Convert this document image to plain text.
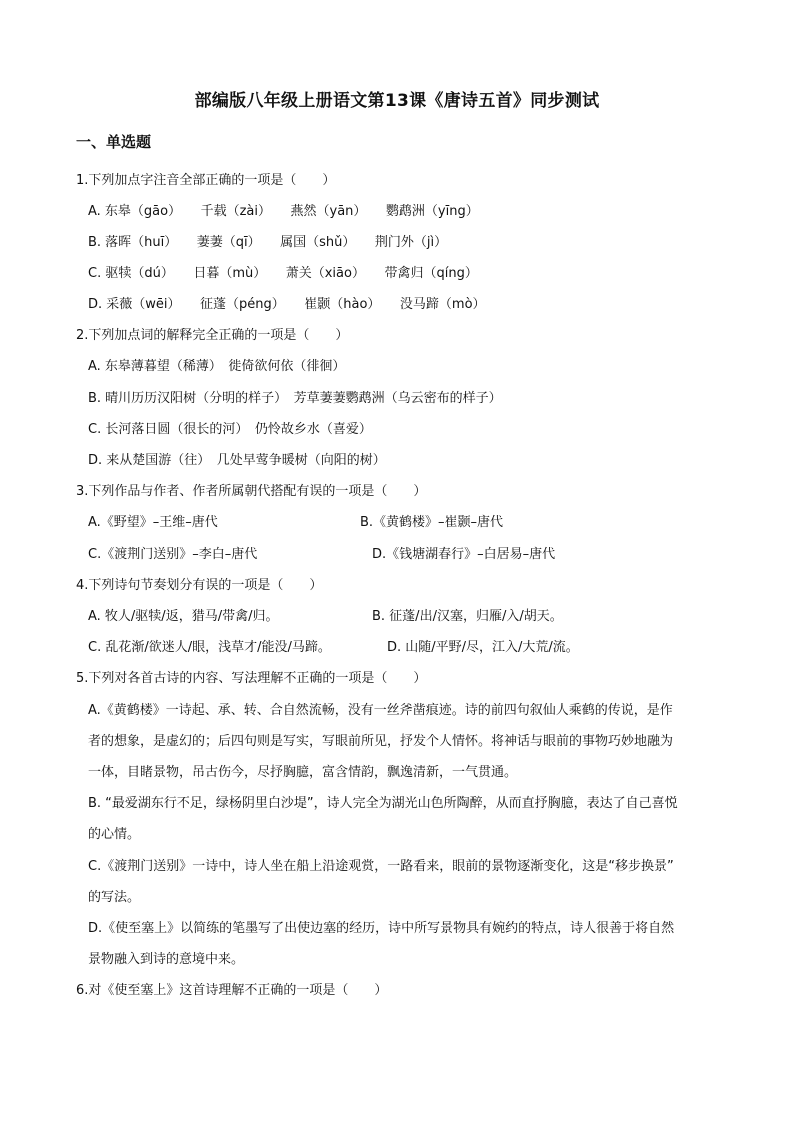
部编版八年级上册语文第13课《唐诗五首》同步测试
一、单选题
1.下列加点字注音全部正确的一项是（　　）
A. 东皋（gāo）　　千载（zài）　　燕然（yān）　　鹦鹉洲（yīng）
B. 落晖（huī）　　萋萋（qī）　　属国（shǔ）　　荆门外（jì）
C. 驱犊（dú）　　日暮（mù）　　萧关（xiāo）　　带禽归（qíng）
D. 采薇（wēi）　　征蓬（péng）　　崔颢（hào）　　没马蹄（mò）
2.下列加点词的解释完全正确的一项是（　　）
A. 东皋薄暮望（稀薄）　徙倚欲何依（徘徊）
B. 晴川历历汉阳树（分明的样子）　芳草萋萋鹦鹉洲（乌云密布的样子）
C. 长河落日圆（很长的河）　仍怜故乡水（喜爱）
D. 来从楚国游（往）　几处早莺争暖树（向阳的树）
3.下列作品与作者、作者所属朝代搭配有误的一项是（　　）
A.《野望》–王维–唐代	B.《黄鹤楼》–崔颢–唐代
C.《渡荆门送别》–李白–唐代	D.《钱塘湖春行》–白居易–唐代
4.下列诗句节奏划分有误的一项是（　　）
A. 牧人/驱犊/返，猎马/带禽/归。	B. 征蓬/出/汉塞，归雁/入/胡天。
C. 乱花渐/欲迷人/眼，浅草才/能没/马蹄。	D. 山随/平野/尽，江入/大荒/流。
5.下列对各首古诗的内容、写法理解不正确的一项是（　　）
A.《黄鹤楼》一诗起、承、转、合自然流畅，没有一丝斧凿痕迹。诗的前四句叙仙人乘鹤的传说，是作
者的想象，是虚幻的；后四句则是写实，写眼前所见，抒发个人情怀。将神话与眼前的事物巧妙地融为
一体，目睹景物，吊古伤今，尽抒胸臆，富含情韵，飘逸清新，一气贯通。
B. “最爱湖东行不足，绿杨阴里白沙堤”，诗人完全为湖光山色所陶醉，从而直抒胸臆，表达了自己喜悦
的心情。
C.《渡荆门送别》一诗中，诗人坐在船上沿途观赏，一路看来，眼前的景物逐渐变化，这是“移步换景”
的写法。
D.《使至塞上》以简练的笔墨写了出使边塞的经历，诗中所写景物具有婉约的特点，诗人很善于将自然
景物融入到诗的意境中来。
6.对《使至塞上》这首诗理解不正确的一项是（　　）
